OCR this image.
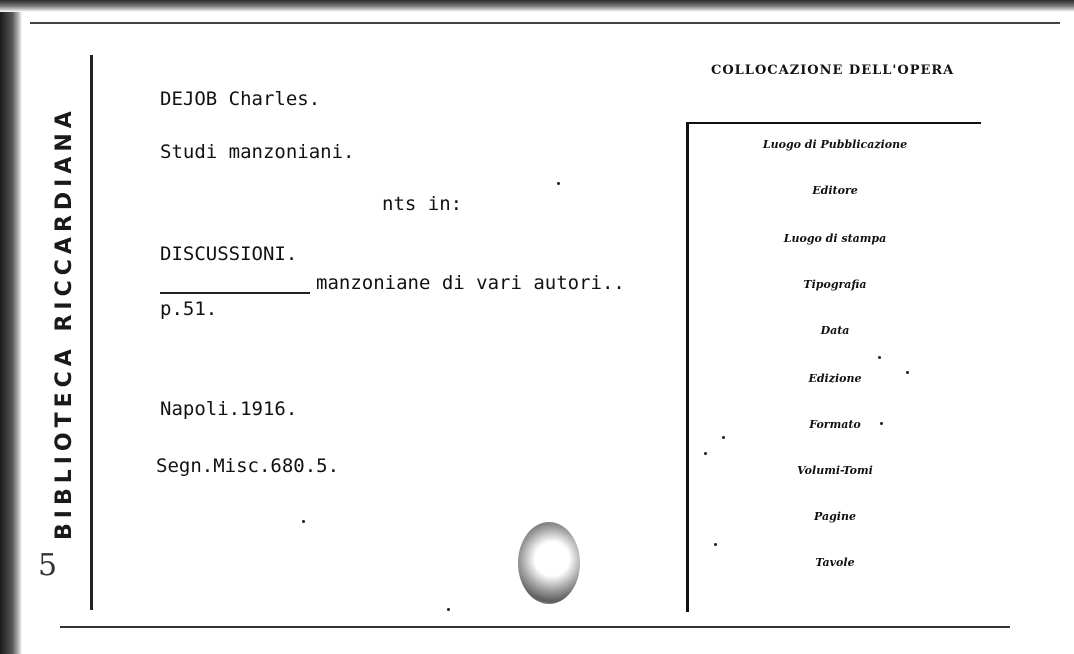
BIBLIOTECA RICCARDIANA
5
DEJOB Charles.
Studi manzoniani.
nts in:
DISCUSSIONI.
manzoniane di vari autori..
p.51.
Napoli.1916.
Segn.Misc.680.5.
COLLOCAZIONE DELL'OPERA
Luogo di Pubblicazione
Editore
Luogo di stampa
Tipografia
Data
Edizione
Formato
Volumi-Tomi
Pagine
Tavole
